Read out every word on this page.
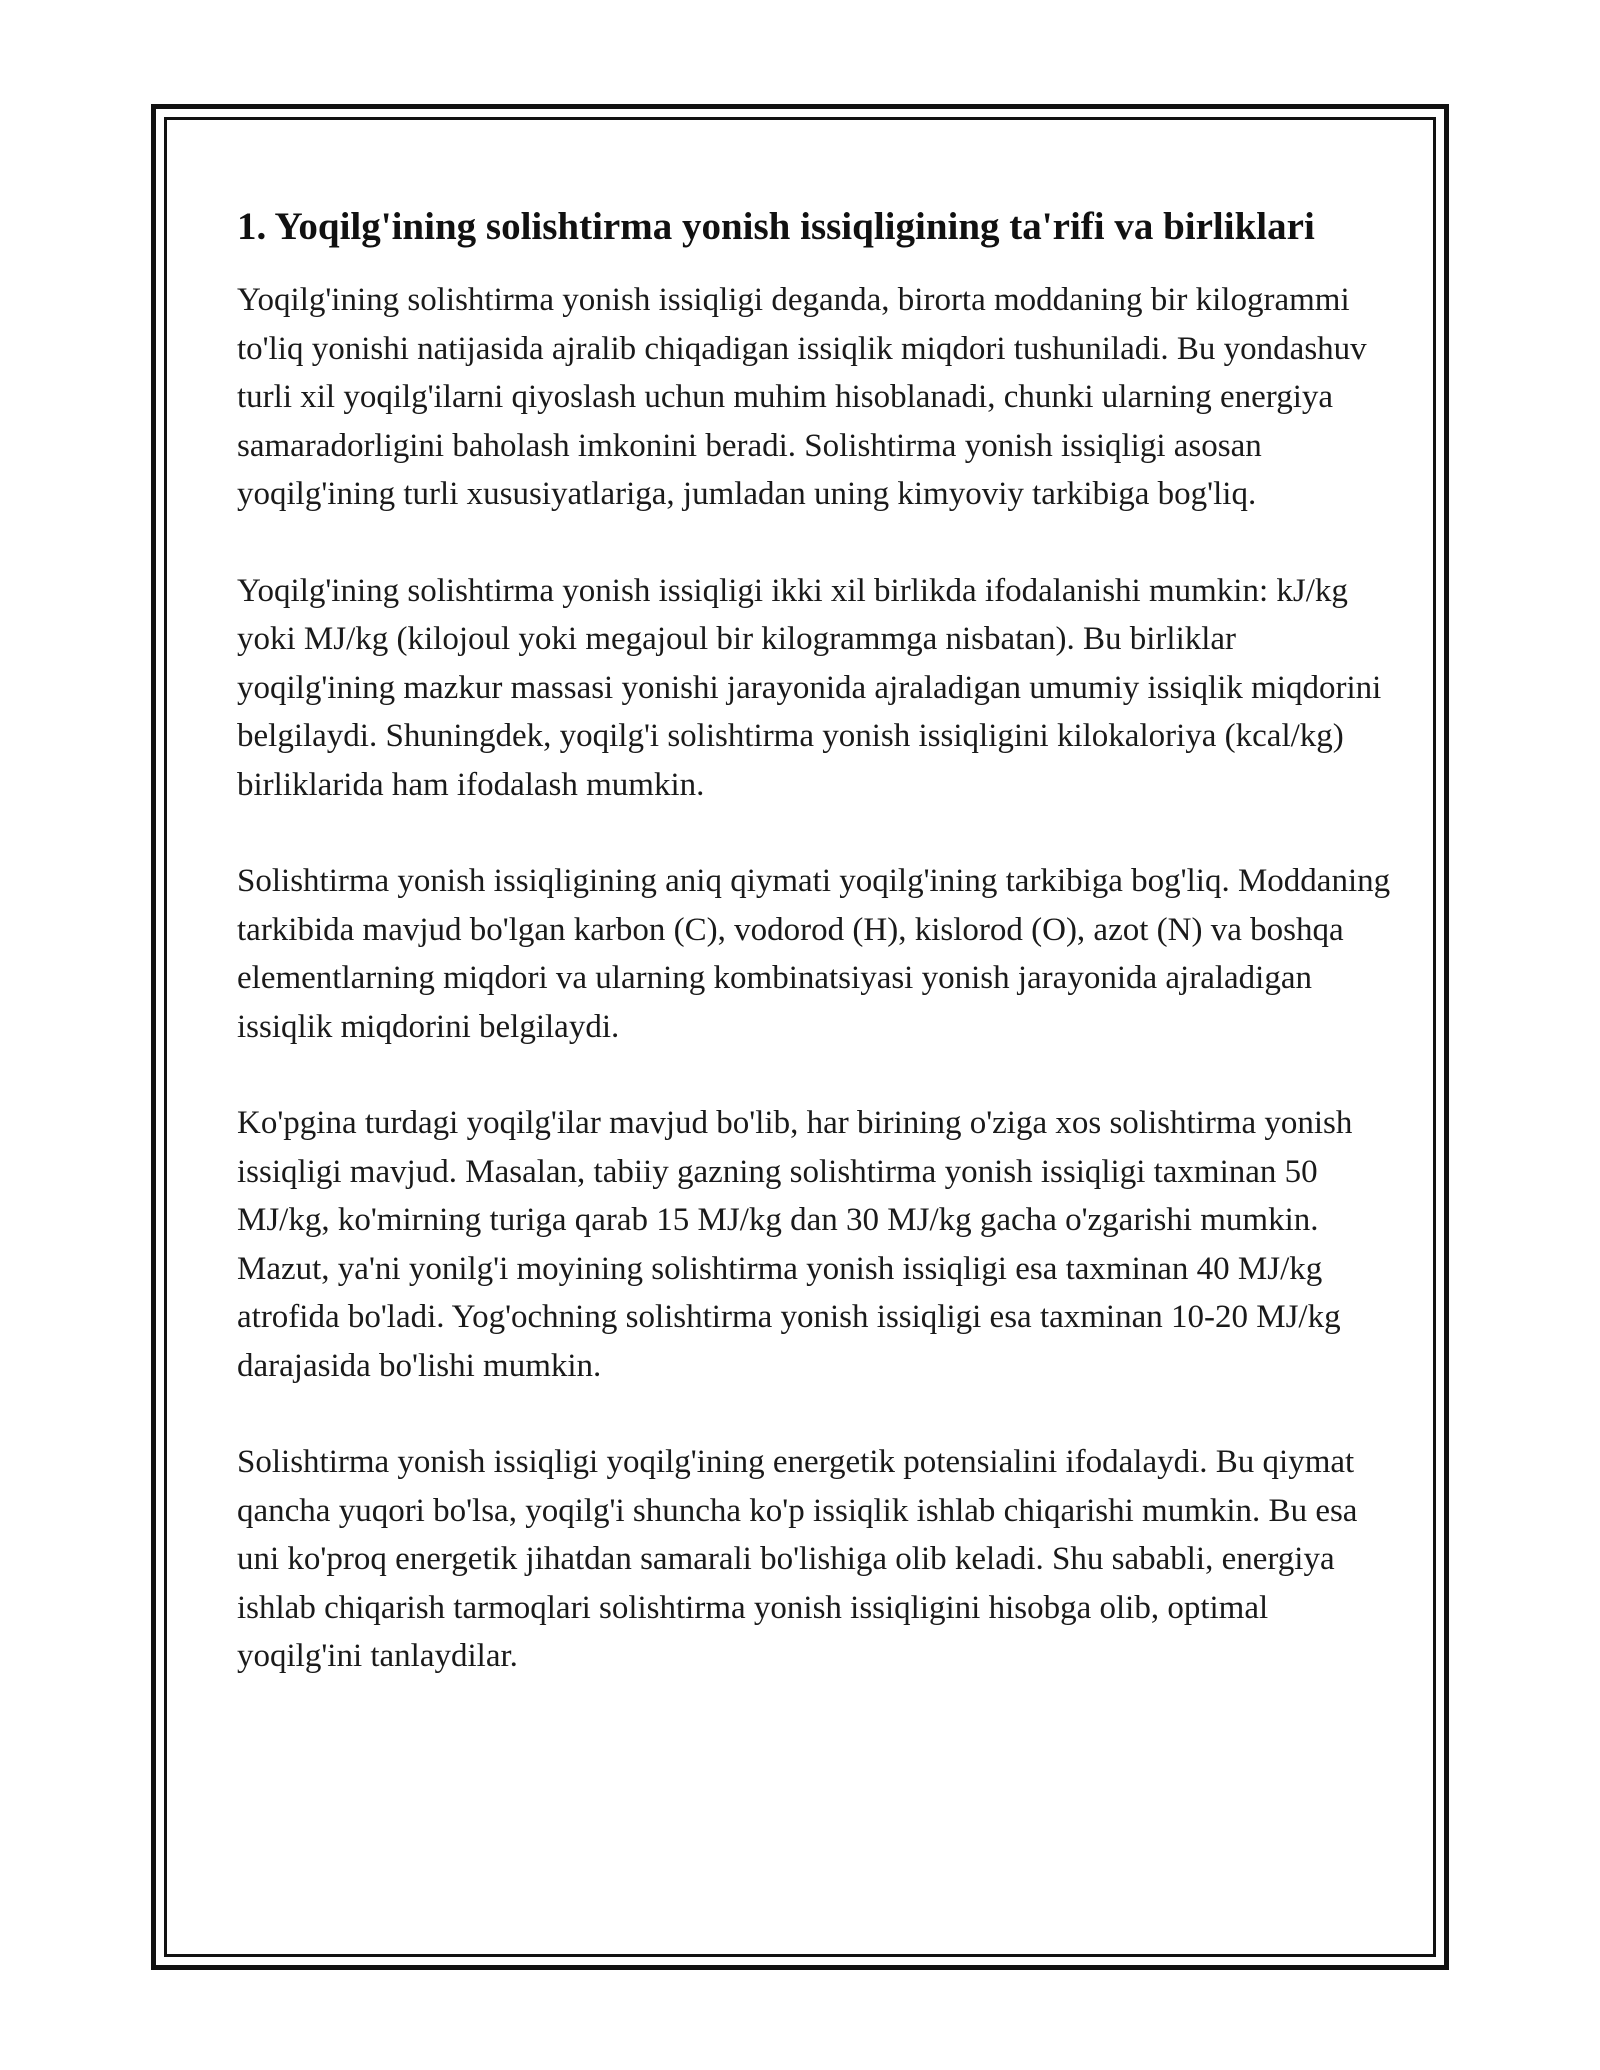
1. Yoqilg'ining solishtirma yonish issiqligining ta'rifi va birliklari

Yoqilg'ining solishtirma yonish issiqligi deganda, birorta moddaning bir kilogrammi to'liq yonishi natijasida ajralib chiqadigan issiqlik miqdori tushuniladi. Bu yondashuv turli xil yoqilg'ilarni qiyoslash uchun muhim hisoblanadi, chunki ularning energiya samaradorligini baholash imkonini beradi. Solishtirma yonish issiqligi asosan yoqilg'ining turli xususiyatlariga, jumladan uning kimyoviy tarkibiga bog'liq.

Yoqilg'ining solishtirma yonish issiqligi ikki xil birlikda ifodalanishi mumkin: kJ/kg yoki MJ/kg (kilojoul yoki megajoul bir kilogrammga nisbatan). Bu birliklar yoqilg'ining mazkur massasi yonishi jarayonida ajraladigan umumiy issiqlik miqdorini belgilaydi. Shuningdek, yoqilg'i solishtirma yonish issiqligini kilokaloriya (kcal/kg) birliklarida ham ifodalash mumkin.

Solishtirma yonish issiqligining aniq qiymati yoqilg'ining tarkibiga bog'liq. Moddaning tarkibida mavjud bo'lgan karbon (C), vodorod (H), kislorod (O), azot (N) va boshqa elementlarning miqdori va ularning kombinatsiyasi yonish jarayonida ajraladigan issiqlik miqdorini belgilaydi.

Ko'pgina turdagi yoqilg'ilar mavjud bo'lib, har birining o'ziga xos solishtirma yonish issiqligi mavjud. Masalan, tabiiy gazning solishtirma yonish issiqligi taxminan 50 MJ/kg, ko'mirning turiga qarab 15 MJ/kg dan 30 MJ/kg gacha o'zgarishi mumkin. Mazut, ya'ni yonilg'i moyining solishtirma yonish issiqligi esa taxminan 40 MJ/kg atrofida bo'ladi. Yog'ochning solishtirma yonish issiqligi esa taxminan 10-20 MJ/kg darajasida bo'lishi mumkin.

Solishtirma yonish issiqligi yoqilg'ining energetik potensialini ifodalaydi. Bu qiymat qancha yuqori bo'lsa, yoqilg'i shuncha ko'p issiqlik ishlab chiqarishi mumkin. Bu esa uni ko'proq energetik jihatdan samarali bo'lishiga olib keladi. Shu sababli, energiya ishlab chiqarish tarmoqlari solishtirma yonish issiqligini hisobga olib, optimal yoqilg'ini tanlaydilar.
